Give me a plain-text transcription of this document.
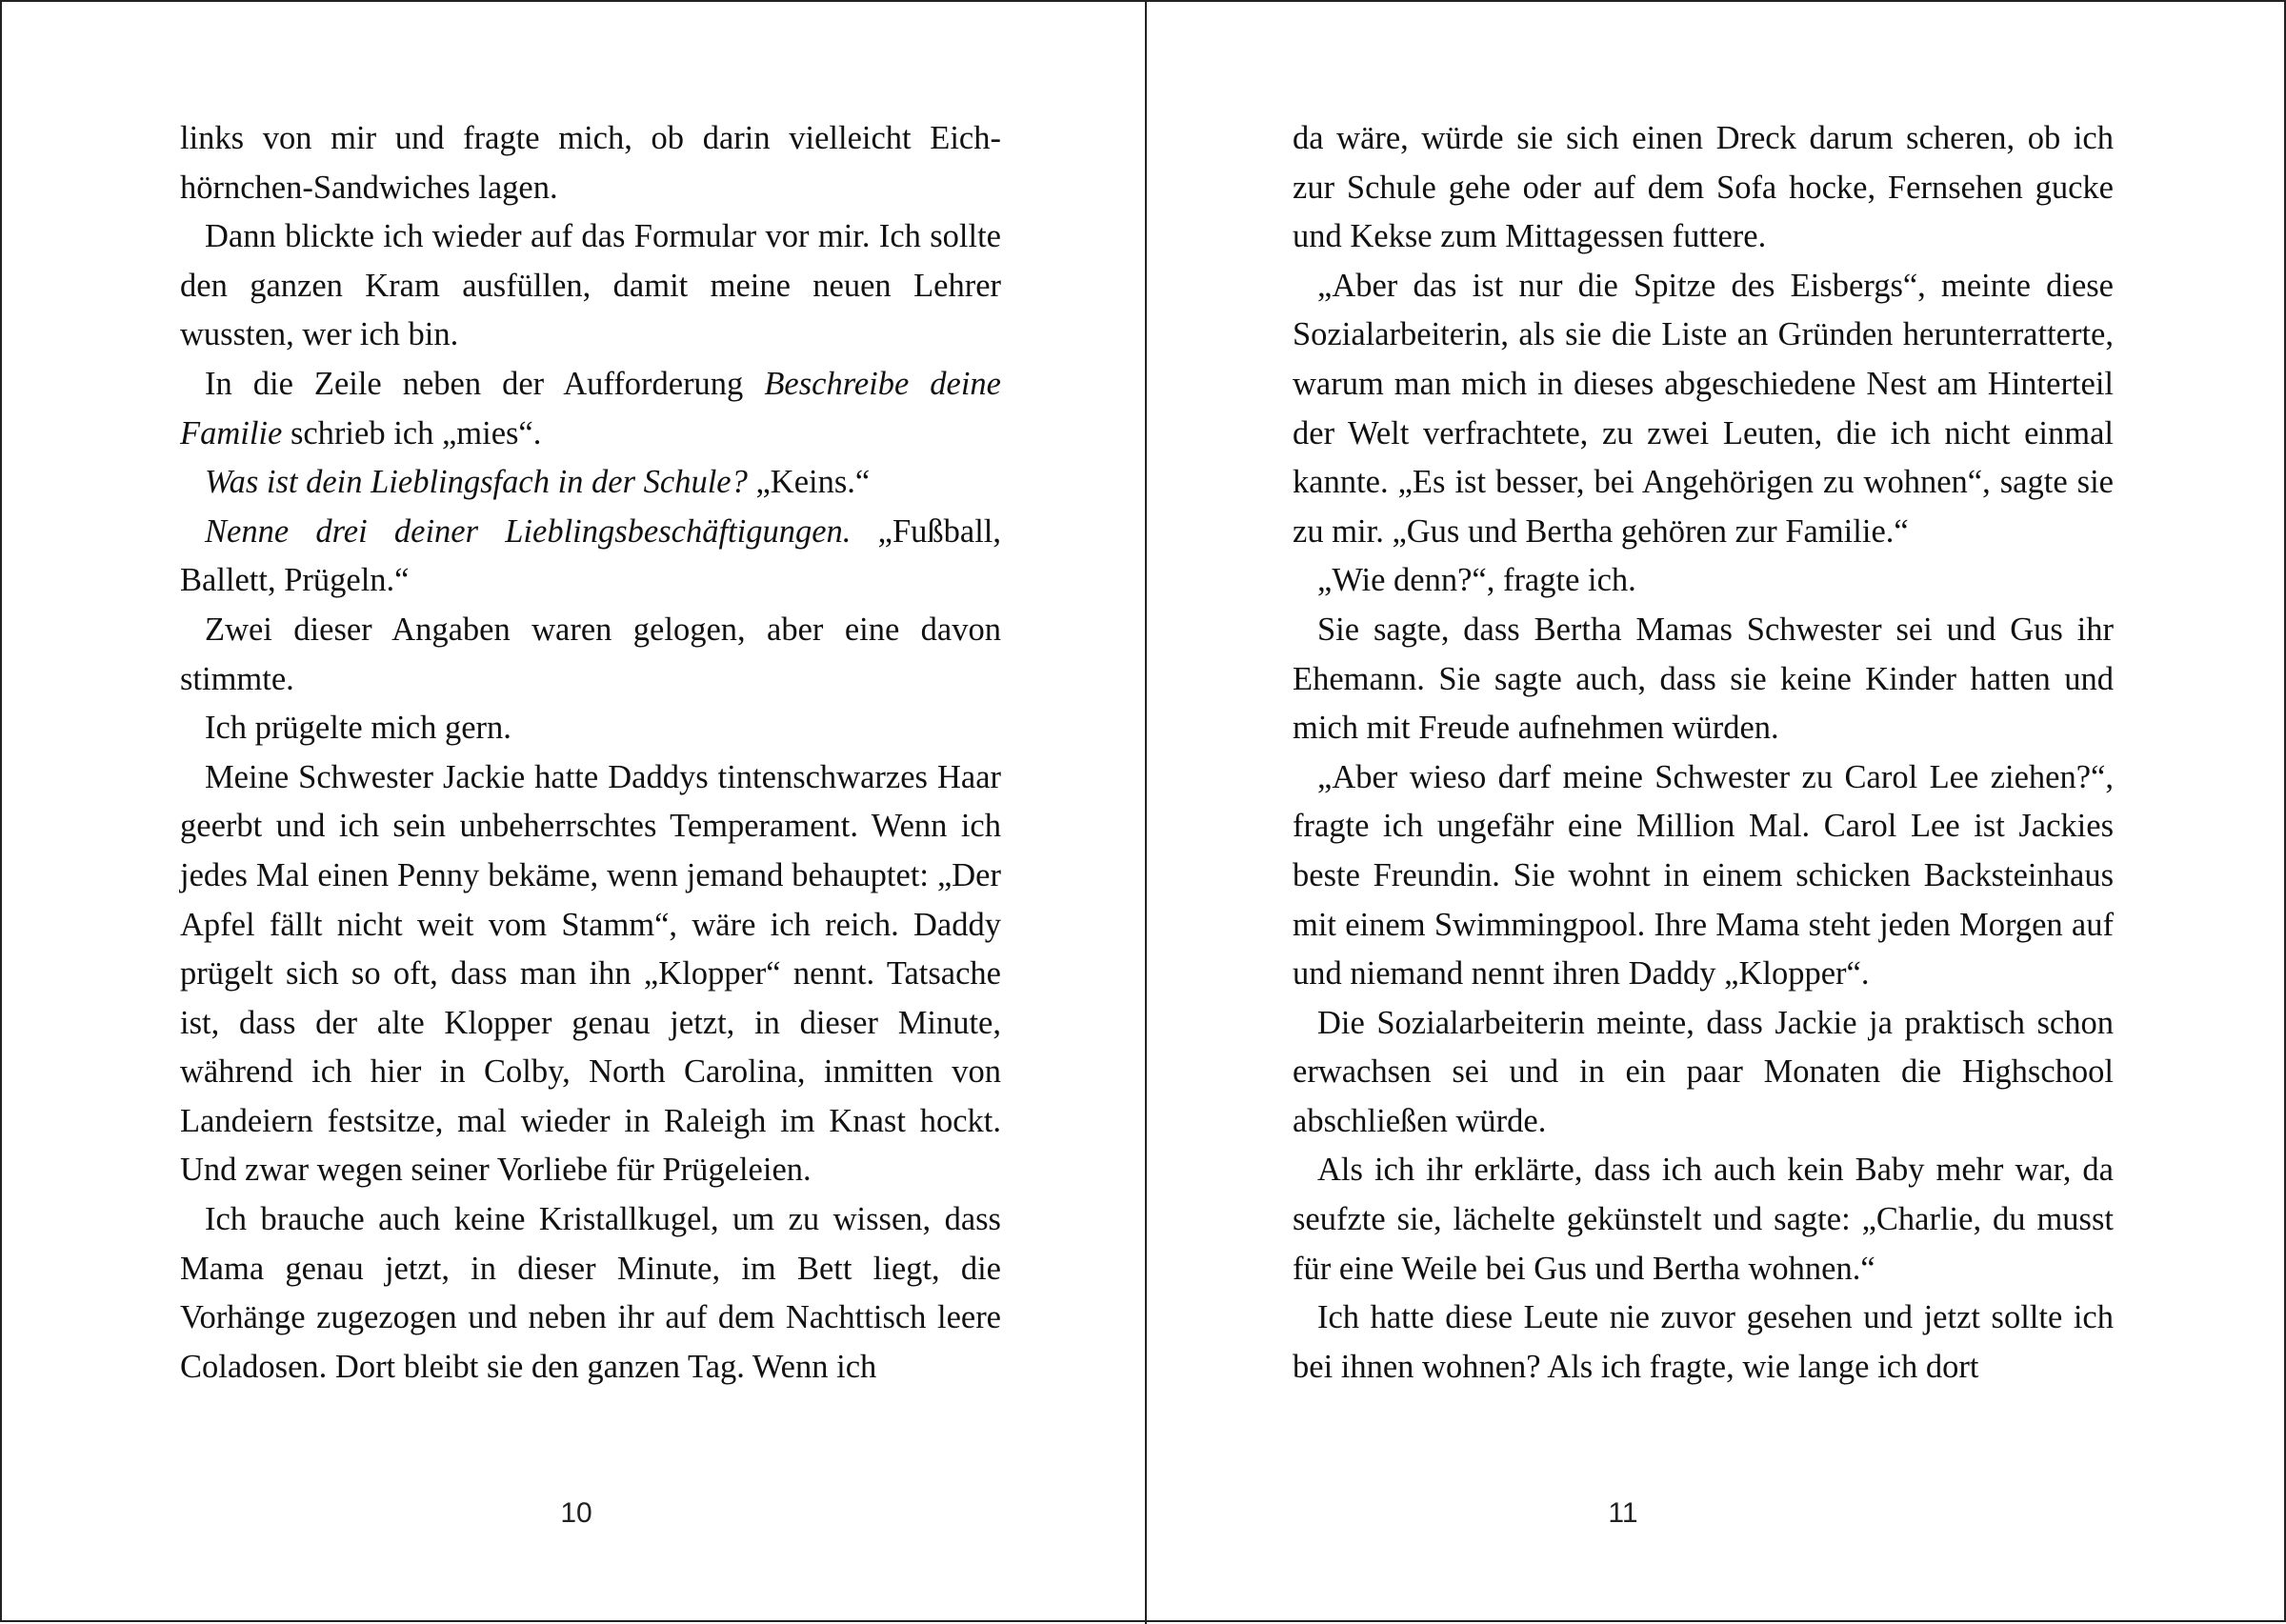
links von mir und fragte mich, ob darin vielleicht Eichhörnchen-Sandwiches lagen.

Dann blickte ich wieder auf das Formular vor mir. Ich sollte den ganzen Kram ausfüllen, damit meine neuen Lehrer wussten, wer ich bin.

In die Zeile neben der Aufforderung Beschreibe deine Familie schrieb ich „mies“.

Was ist dein Lieblingsfach in der Schule? „Keins.“

Nenne drei deiner Lieblingsbeschäftigungen. „Fußball, Ballett, Prügeln.“

Zwei dieser Angaben waren gelogen, aber eine davon stimmte.

Ich prügelte mich gern.

Meine Schwester Jackie hatte Daddys tintenschwarzes Haar geerbt und ich sein unbeherrschtes Temperament. Wenn ich jedes Mal einen Penny bekäme, wenn jemand behauptet: „Der Apfel fällt nicht weit vom Stamm“, wäre ich reich. Daddy prügelt sich so oft, dass man ihn „Klopper“ nennt. Tatsache ist, dass der alte Klopper genau jetzt, in dieser Minute, während ich hier in Colby, North Carolina, inmitten von Landeiern festsitze, mal wieder in Raleigh im Knast hockt. Und zwar wegen seiner Vorliebe für Prügeleien.

Ich brauche auch keine Kristallkugel, um zu wissen, dass Mama genau jetzt, in dieser Minute, im Bett liegt, die Vorhänge zugezogen und neben ihr auf dem Nachttisch leere Coladosen. Dort bleibt sie den ganzen Tag. Wenn ich

10

da wäre, würde sie sich einen Dreck darum scheren, ob ich zur Schule gehe oder auf dem Sofa hocke, Fernsehen gucke und Kekse zum Mittagessen futtere.

„Aber das ist nur die Spitze des Eisbergs“, meinte diese Sozialarbeiterin, als sie die Liste an Gründen herunterratterte, warum man mich in dieses abgeschiedene Nest am Hinterteil der Welt verfrachtete, zu zwei Leuten, die ich nicht einmal kannte. „Es ist besser, bei Angehörigen zu wohnen“, sagte sie zu mir. „Gus und Bertha gehören zur Familie.“

„Wie denn?“, fragte ich.

Sie sagte, dass Bertha Mamas Schwester sei und Gus ihr Ehemann. Sie sagte auch, dass sie keine Kinder hatten und mich mit Freude aufnehmen würden.

„Aber wieso darf meine Schwester zu Carol Lee ziehen?“, fragte ich ungefähr eine Million Mal. Carol Lee ist Jackies beste Freundin. Sie wohnt in einem schicken Backsteinhaus mit einem Swimmingpool. Ihre Mama steht jeden Morgen auf und niemand nennt ihren Daddy „Klopper“.

Die Sozialarbeiterin meinte, dass Jackie ja praktisch schon erwachsen sei und in ein paar Monaten die Highschool abschließen würde.

Als ich ihr erklärte, dass ich auch kein Baby mehr war, da seufzte sie, lächelte gekünstelt und sagte: „Charlie, du musst für eine Weile bei Gus und Bertha wohnen.“

Ich hatte diese Leute nie zuvor gesehen und jetzt sollte ich bei ihnen wohnen? Als ich fragte, wie lange ich dort

11
